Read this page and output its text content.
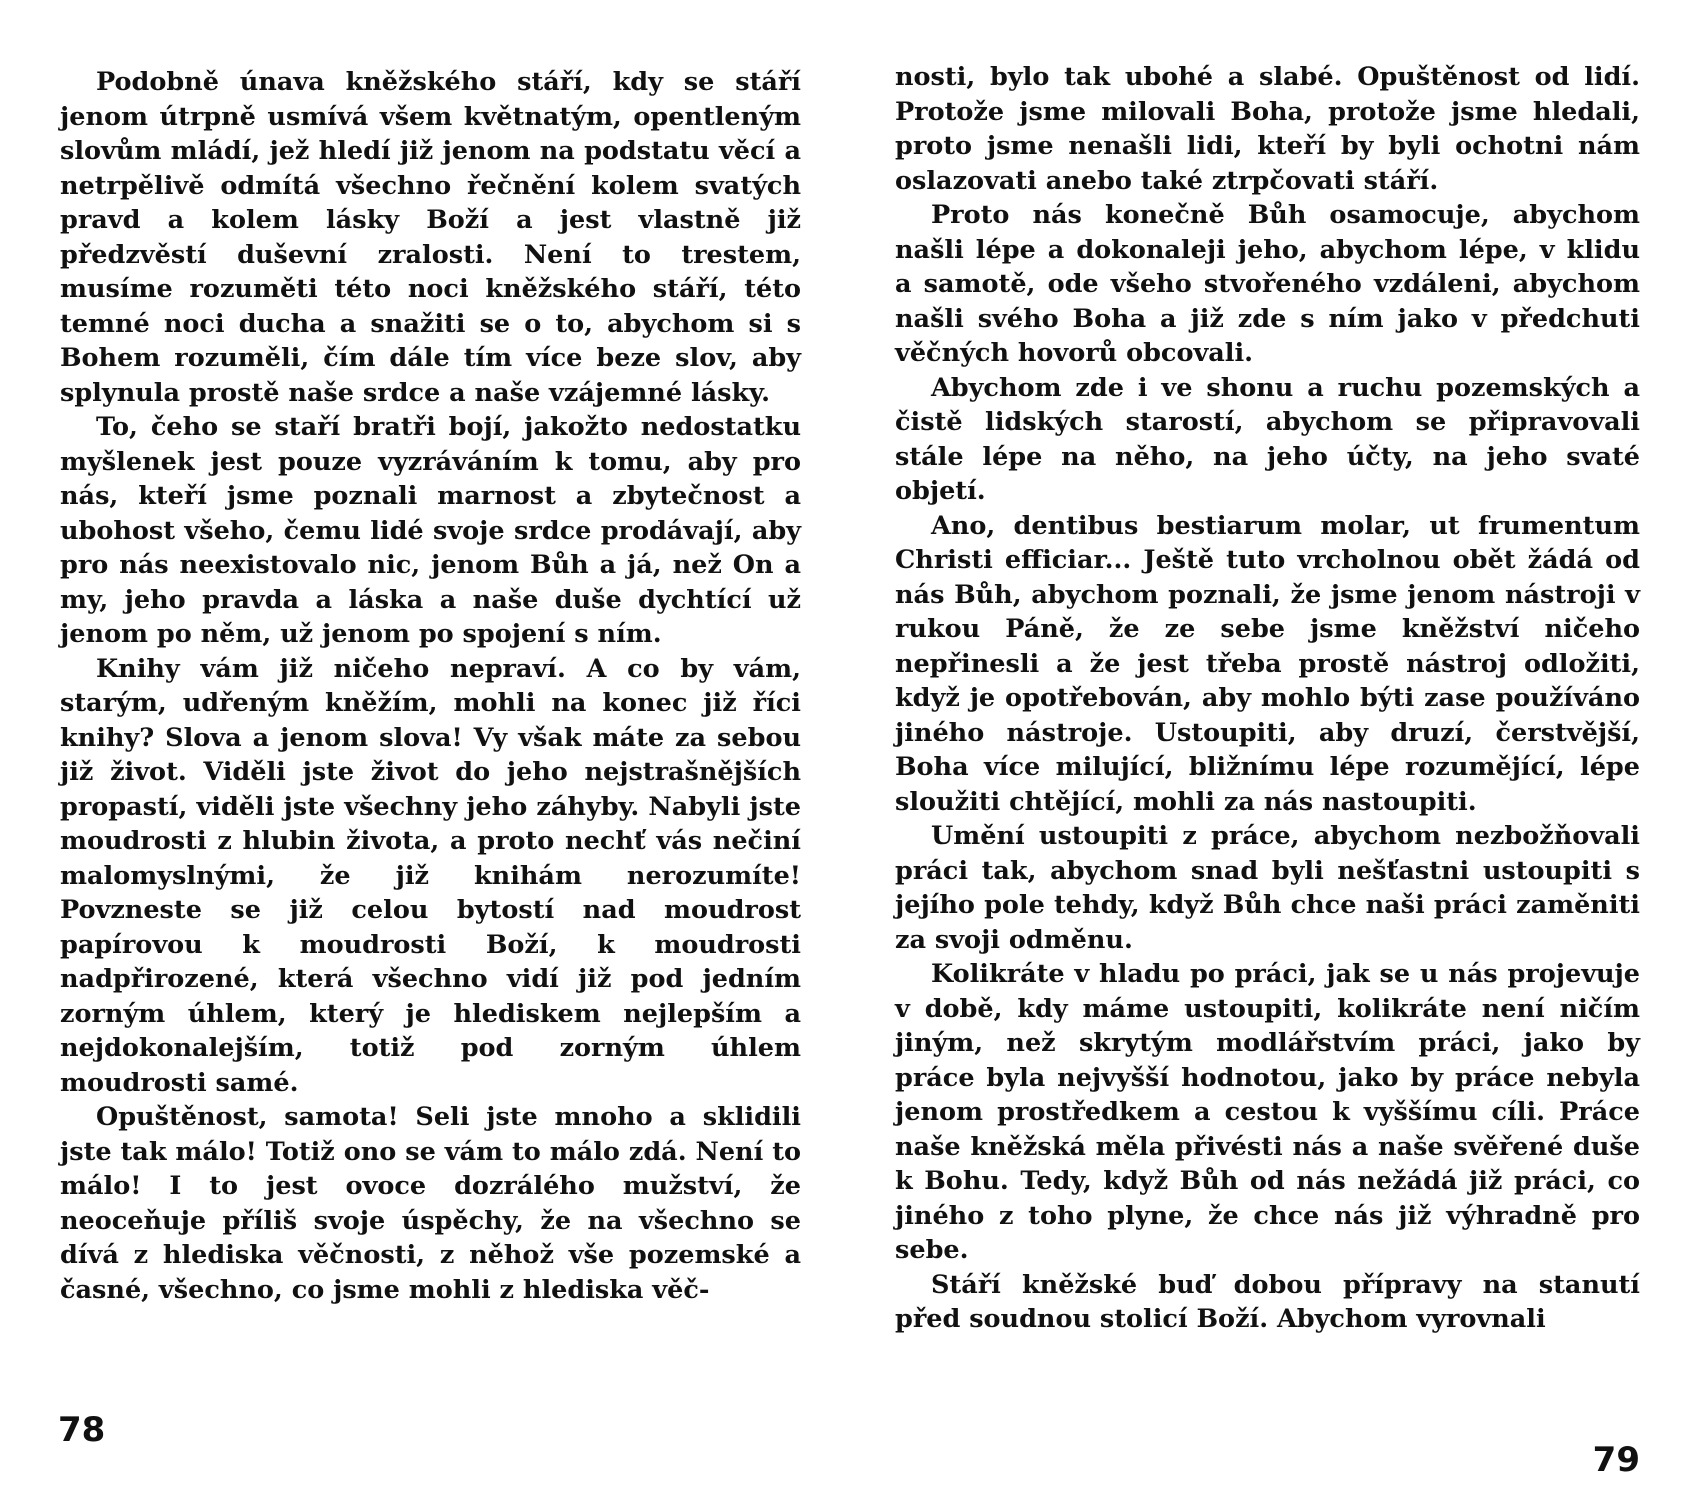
Podobně únava kněžského stáří, kdy se stáří jenom útrpně usmívá všem květnatým, opentleným slovům mládí, jež hledí již jenom na podstatu věcí a netrpělivě odmítá všechno řečnění kolem svatých pravd a kolem lásky Boží a jest vlastně již předzvěstí duševní zralosti. Není to trestem, musíme rozuměti této noci kněžského stáří, této temné noci ducha a snažiti se o to, abychom si s Bohem rozuměli, čím dále tím více beze slov, aby splynula prostě naše srdce a naše vzájemné lásky.

To, čeho se staří bratři bojí, jakožto nedostatku myšlenek jest pouze vyzráváním k tomu, aby pro nás, kteří jsme poznali marnost a zbytečnost a ubohost všeho, čemu lidé svoje srdce prodávají, aby pro nás neexistovalo nic, jenom Bůh a já, než On a my, jeho pravda a láska a naše duše dychtící už jenom po něm, už jenom po spojení s ním.

Knihy vám již ničeho nepraví. A co by vám, starým, udřeným kněžím, mohli na konec již říci knihy? Slova a jenom slova! Vy však máte za sebou již život. Viděli jste život do jeho nejstrašnějších propastí, viděli jste všechny jeho záhyby. Nabyli jste moudrosti z hlubin života, a proto nechť vás nečiní malomyslnými, že již knihám nerozumíte! Povzneste se již celou bytostí nad moudrost papírovou k moudrosti Boží, k moudrosti nadpřirozené, která všechno vidí již pod jedním zorným úhlem, který je hlediskem nejlepším a nejdokonalejším, totiž pod zorným úhlem moudrosti samé.

Opuštěnost, samota! Seli jste mnoho a sklidili jste tak málo! Totiž ono se vám to málo zdá. Není to málo! I to jest ovoce dozrálého mužství, že neoceňuje příliš svoje úspěchy, že na všechno se dívá z hlediska věčnosti, z něhož vše pozemské a časné, všechno, co jsme mohli z hlediska věč-

78

nosti, bylo tak ubohé a slabé. Opuštěnost od lidí. Protože jsme milovali Boha, protože jsme hledali, proto jsme nenašli lidi, kteří by byli ochotni nám oslazovati anebo také ztrpčovati stáří.

Proto nás konečně Bůh osamocuje, abychom našli lépe a dokonaleji jeho, abychom lépe, v klidu a samotě, ode všeho stvořeného vzdáleni, abychom našli svého Boha a již zde s ním jako v předchuti věčných hovorů obcovali.

Abychom zde i ve shonu a ruchu pozemských a čistě lidských starostí, abychom se připravovali stále lépe na něho, na jeho účty, na jeho svaté objetí.

Ano, dentibus bestiarum molar, ut frumentum Christi efficiar... Ještě tuto vrcholnou obět žádá od nás Bůh, abychom poznali, že jsme jenom nástroji v rukou Páně, že ze sebe jsme kněžství ničeho nepřinesli a že jest třeba prostě nástroj odložiti, když je opotřebován, aby mohlo býti zase používáno jiného nástroje. Ustoupiti, aby druzí, čerstvější, Boha více milující, bližnímu lépe rozumějící, lépe sloužiti chtějící, mohli za nás nastoupiti.

Umění ustoupiti z práce, abychom nezbožňovali práci tak, abychom snad byli nešťastni ustoupiti s jejího pole tehdy, když Bůh chce naši práci zaměniti za svoji odměnu.

Kolikráte v hladu po práci, jak se u nás projevuje v době, kdy máme ustoupiti, kolikráte není ničím jiným, než skrytým modlářstvím práci, jako by práce byla nejvyšší hodnotou, jako by práce nebyla jenom prostředkem a cestou k vyššímu cíli. Práce naše kněžská měla přivésti nás a naše svěřené duše k Bohu. Tedy, když Bůh od nás nežádá již práci, co jiného z toho plyne, že chce nás již výhradně pro sebe.

Stáří kněžské buď dobou přípravy na stanutí před soudnou stolicí Boží. Abychom vyrovnali

79
